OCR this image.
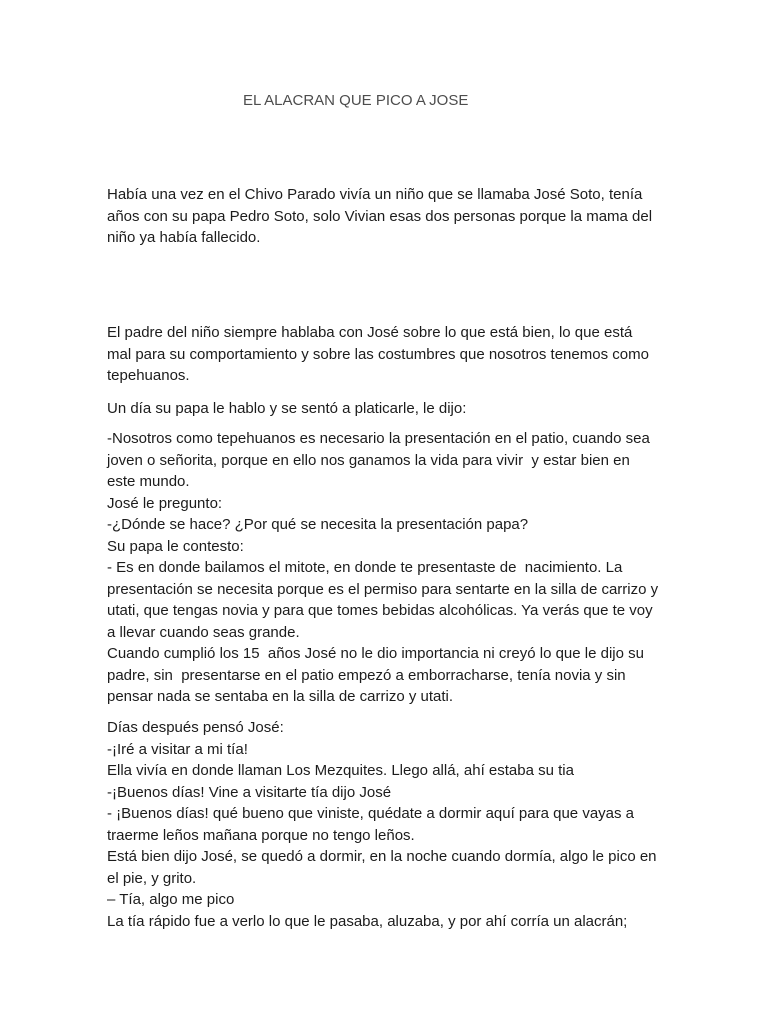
EL ALACRAN QUE PICO A JOSE
Había una vez en el Chivo Parado vivía un niño que se llamaba José Soto, tenía
años con su papa Pedro Soto, solo Vivian esas dos personas porque la mama del
niño ya había fallecido.
El padre del niño siempre hablaba con José sobre lo que está bien, lo que está
mal para su comportamiento y sobre las costumbres que nosotros tenemos como
tepehuanos.
Un día su papa le hablo y se sentó a platicarle, le dijo:
-Nosotros como tepehuanos es necesario la presentación en el patio, cuando sea
joven o señorita, porque en ello nos ganamos la vida para vivir  y estar bien en
este mundo.
José le pregunto:
-¿Dónde se hace? ¿Por qué se necesita la presentación papa?
Su papa le contesto:
- Es en donde bailamos el mitote, en donde te presentaste de  nacimiento. La
presentación se necesita porque es el permiso para sentarte en la silla de carrizo y
utati, que tengas novia y para que tomes bebidas alcohólicas. Ya verás que te voy
a llevar cuando seas grande.
Cuando cumplió los 15  años José no le dio importancia ni creyó lo que le dijo su
padre, sin  presentarse en el patio empezó a emborracharse, tenía novia y sin
pensar nada se sentaba en la silla de carrizo y utati.
Días después pensó José:
-¡Iré a visitar a mi tía!
Ella vivía en donde llaman Los Mezquites. Llego allá, ahí estaba su tia
-¡Buenos días! Vine a visitarte tía dijo José
- ¡Buenos días! qué bueno que viniste, quédate a dormir aquí para que vayas a
traerme leños mañana porque no tengo leños.
Está bien dijo José, se quedó a dormir, en la noche cuando dormía, algo le pico en
el pie, y grito.
– Tía, algo me pico
La tía rápido fue a verlo lo que le pasaba, aluzaba, y por ahí corría un alacrán;
